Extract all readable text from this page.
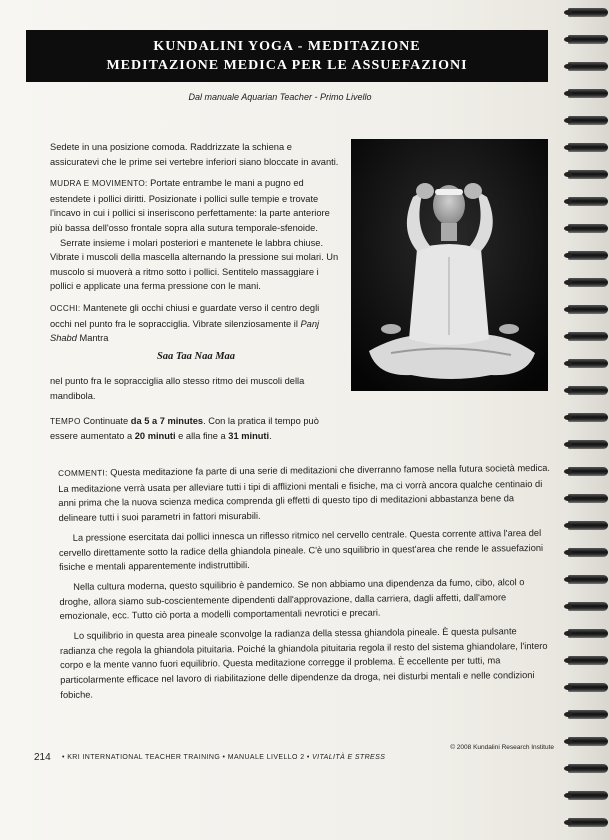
KUNDALINI YOGA - MEDITAZIONE
MEDITAZIONE MEDICA PER LE ASSUEFAZIONI
Dal manuale Aquarian Teacher - Primo Livello

Sedete in una posizione comoda. Raddrizzate la schiena e assicuratevi che le prime sei vertebre inferiori siano bloccate in avanti.

MUDRA E MOVIMENTO: Portate entrambe le mani a pugno ed estendete i pollici diritti. Posizionate i pollici sulle tempie e trovate l'incavo in cui i pollici si inseriscono perfettamente: la parte anteriore più bassa dell'osso frontale sopra alla sutura temporale-sfenoide.

Serrate insieme i molari posteriori e mantenete le labbra chiuse. Vibrate i muscoli della mascella alternando la pressione sui molari. Un muscolo si muoverà a ritmo sotto i pollici. Sentitelo massaggiare i pollici e applicate una ferma pressione con le mani.

OCCHI: Mantenete gli occhi chiusi e guardate verso il centro degli occhi nel punto fra le sopracciglia. Vibrate silenziosamente il Panj Shabd Mantra

Saa Taa Naa Maa

nel punto fra le sopracciglia allo stesso ritmo dei muscoli della mandibola.

TEMPO Continuate da 5 a 7 minutes. Con la pratica il tempo può essere aumentato a 20 minuti e alla fine a 31 minuti.

COMMENTI: Questa meditazione fa parte di una serie di meditazioni che diverranno famose nella futura società medica. La meditazione verrà usata per alleviare tutti i tipi di afflizioni mentali e fisiche, ma ci vorrà ancora qualche centinaio di anni prima che la nuova scienza medica comprenda gli effetti di questo tipo di meditazioni abbastanza bene da delineare tutti i suoi parametri in fattori misurabili.

La pressione esercitata dai pollici innesca un riflesso ritmico nel cervello centrale. Questa corrente attiva l'area del cervello direttamente sotto la radice della ghiandola pineale. C'è uno squilibrio in quest'area che rende le assuefazioni fisiche e mentali apparentemente indistruttibili.

Nella cultura moderna, questo squilibrio è pandemico. Se non abbiamo una dipendenza da fumo, cibo, alcol o droghe, allora siamo sub-coscientemente dipendenti dall'approvazione, dalla carriera, dagli affetti, dall'amore emozionale, ecc. Tutto ciò porta a modelli comportamentali nevrotici e precari.

Lo squilibrio in questa area pineale sconvolge la radianza della stessa ghiandola pineale. È questa pulsante radianza che regola la ghiandola pituitaria. Poiché la ghiandola pituitaria regola il resto del sistema ghiandolare, l'intero corpo e la mente vanno fuori equilibrio. Questa meditazione corregge il problema. È eccellente per tutti, ma particolarmente efficace nel lavoro di riabilitazione delle dipendenze da droga, nei disturbi mentali e nelle condizioni fobiche.

214 • KRI INTERNATIONAL TEACHER TRAINING • MANUALE LIVELLO 2 • VITALITÀ E STRESS
© 2008 Kundalini Research Institute
